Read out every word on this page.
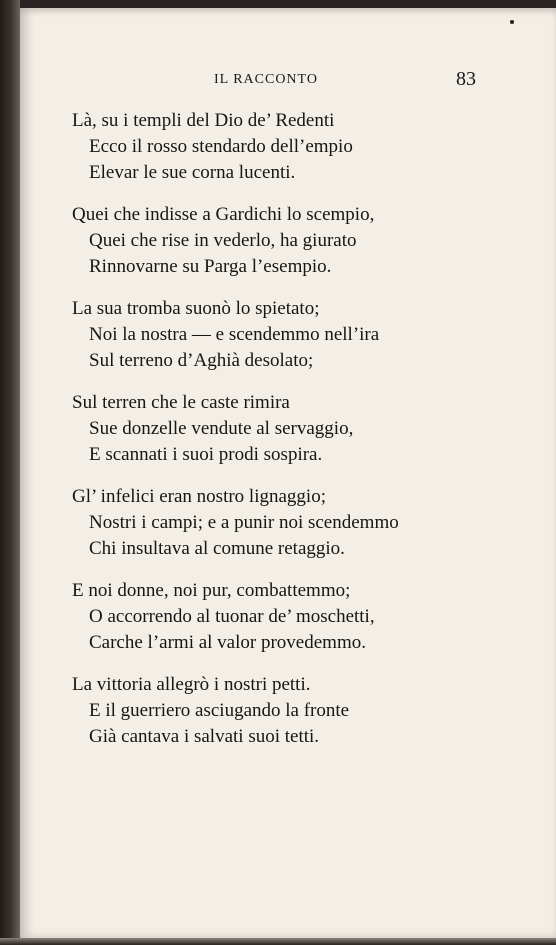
IL RACCONTO	83
Là, su i templi del Dio de’ Redenti
Ecco il rosso stendardo dell’empio
Elevar le sue corna lucenti.
Quei che indisse a Gardichi lo scempio,
Quei che rise in vederlo, ha giurato
Rinnovarne su Parga l’esempio.
La sua tromba suonò lo spietato;
Noi la nostra — e scendemmo nell’ira
Sul terreno d’Aghià desolato;
Sul terren che le caste rimira
Sue donzelle vendute al servaggio,
E scannati i suoi prodi sospira.
Gl’ infelici eran nostro lignaggio;
Nostri i campi; e a punir noi scendemmo
Chi insultava al comune retaggio.
E noi donne, noi pur, combattemmo;
O accorrendo al tuonar de’ moschetti,
Carche l’armi al valor provedemmo.
La vittoria allegrò i nostri petti.
E il guerriero asciugando la fronte
Già cantava i salvati suoi tetti.
